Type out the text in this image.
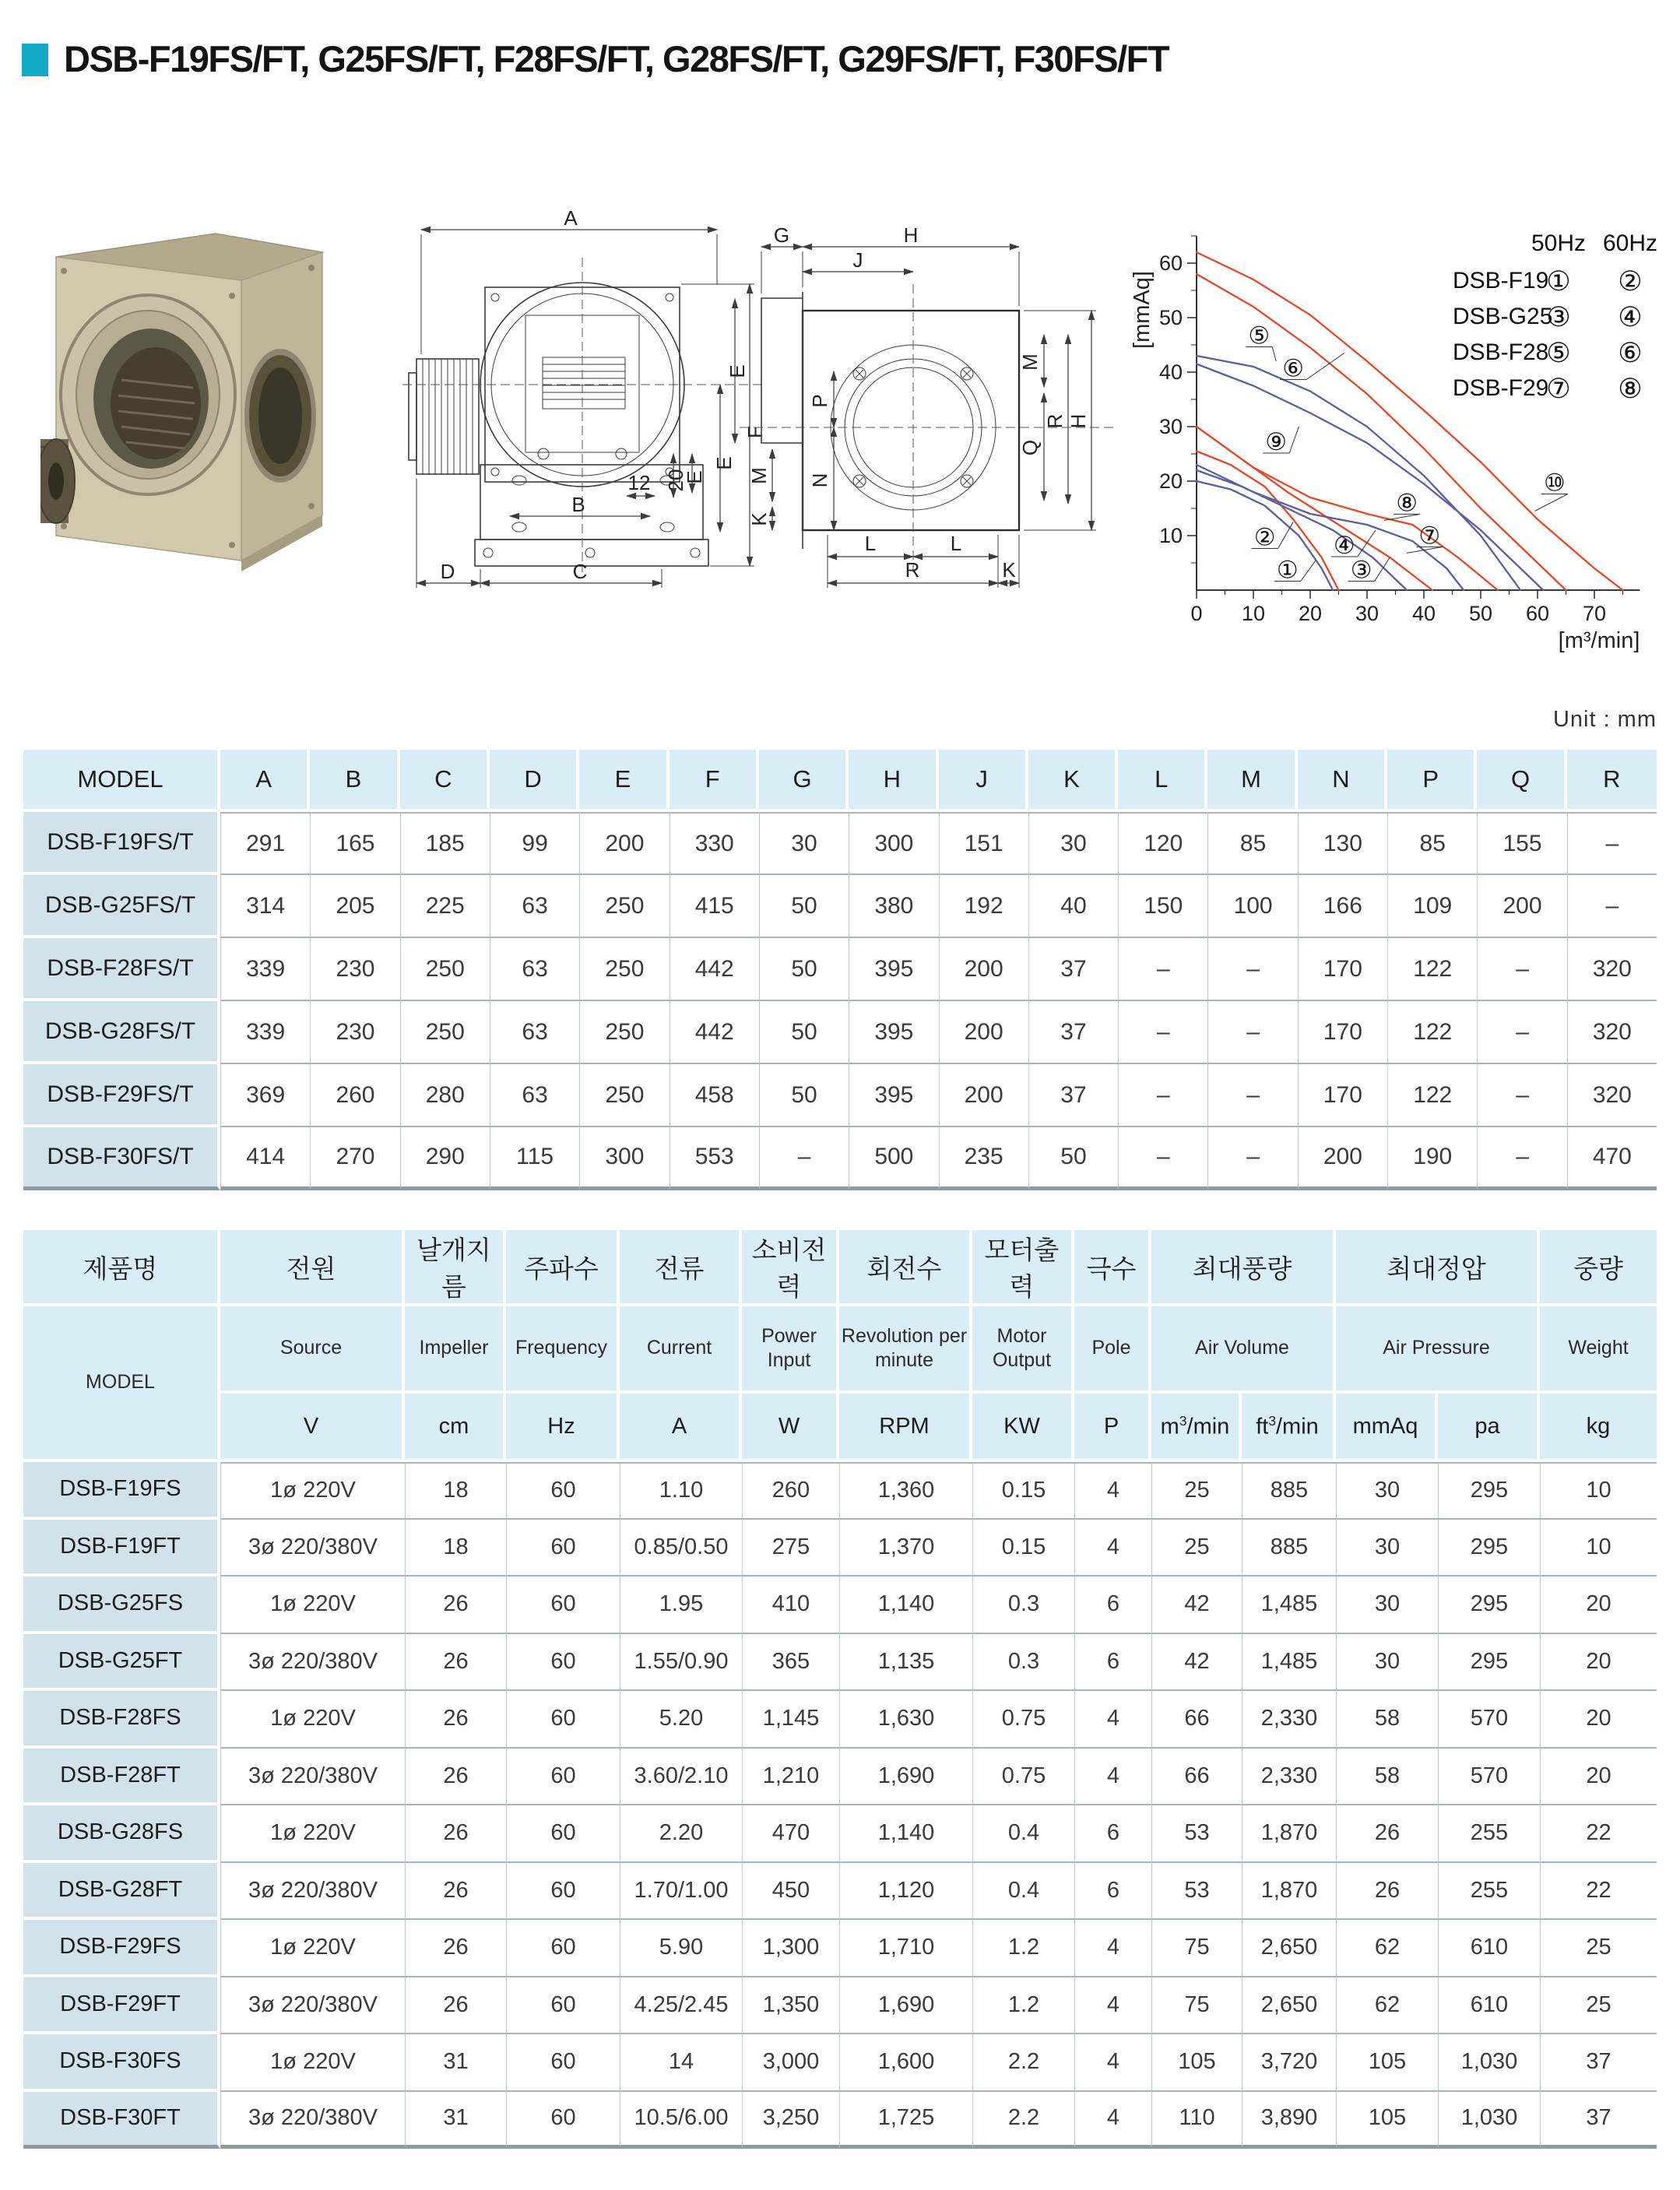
DSB-F19FS/FT, G25FS/FT, F28FS/FT, G28FS/FT, G29FS/FT, F30FS/FT
A
F
E
E
20
12
B
D	C
G	H
J
E
M
K
P
N
M
Q
R H
L	L
R	K
10
20
30
40
50
60
0 10 20 30 40 50 60 70
[mmAq]
[m³/min]
①
②
③
④
⑤
⑥
⑦
⑧
⑨
⑩
50Hz 60Hz
DSB-F19
① ②
DSB-G25
③ ④
DSB-F28
⑤ ⑥
DSB-F29
⑦ ⑧
Unit : mm
MODEL	A	B	C	D	E	F	G	H	J	K	L	M	N	P	Q	R
DSB-F19FS/T	291	165	185	99	200	330	30	300	151	30	120	85	130	85	155	–
DSB-G25FS/T	314	205	225	63	250	415	50	380	192	40	150	100	166	109	200	–
DSB-F28FS/T	339	230	250	63	250	442	50	395	200	37	–	–	170	122	–	320
DSB-G28FS/T	339	230	250	63	250	442	50	395	200	37	–	–	170	122	–	320
DSB-F29FS/T	369	260	280	63	250	458	50	395	200	37	–	–	170	122	–	320
DSB-F30FS/T	414	270	290	115	300	553	–	500	235	50	–	–	200	190	–	470
제품명	전원	날개지름	주파수	전류	소비전력	회전수	모터출력	극수	최대풍량		최대정압		중량
MODEL	Source	Impeller	Frequency	Current	Power Input	Revolution per minute	Motor Output	Pole	Air Volume		Air Pressure		Weight
	V	cm	Hz	A	W	RPM	KW	P	$m^3/\min$	$ft^3/\min$	mmAq	pa	kg
DSB-F19FS	1ø 220V	18	60	1.10	260	1,360	0.15	4	25	885	30	295	10
DSB-F19FT	3ø 220/380V	18	60	0.85/0.50	275	1,370	0.15	4	25	885	30	295	10
DSB-G25FS	1ø 220V	26	60	1.95	410	1,140	0.3	6	42	1,485	30	295	20
DSB-G25FT	3ø 220/380V	26	60	1.55/0.90	365	1,135	0.3	6	42	1,485	30	295	20
DSB-F28FS	1ø 220V	26	60	5.20	1,145	1,630	0.75	4	66	2,330	58	570	20
DSB-F28FT	3ø 220/380V	26	60	3.60/2.10	1,210	1,690	0.75	4	66	2,330	58	570	20
DSB-G28FS	1ø 220V	26	60	2.20	470	1,140	0.4	6	53	1,870	26	255	22
DSB-G28FT	3ø 220/380V	26	60	1.70/1.00	450	1,120	0.4	6	53	1,870	26	255	22
DSB-F29FS	1ø 220V	26	60	5.90	1,300	1,710	1.2	4	75	2,650	62	610	25
DSB-F29FT	3ø 220/380V	26	60	4.25/2.45	1,350	1,690	1.2	4	75	2,650	62	610	25
DSB-F30FS	1ø 220V	31	60	14	3,000	1,600	2.2	4	105	3,720	105	1,030	37
DSB-F30FT	3ø 220/380V	31	60	10.5/6.00	3,250	1,725	2.2	4	110	3,890	105	1,030	37
